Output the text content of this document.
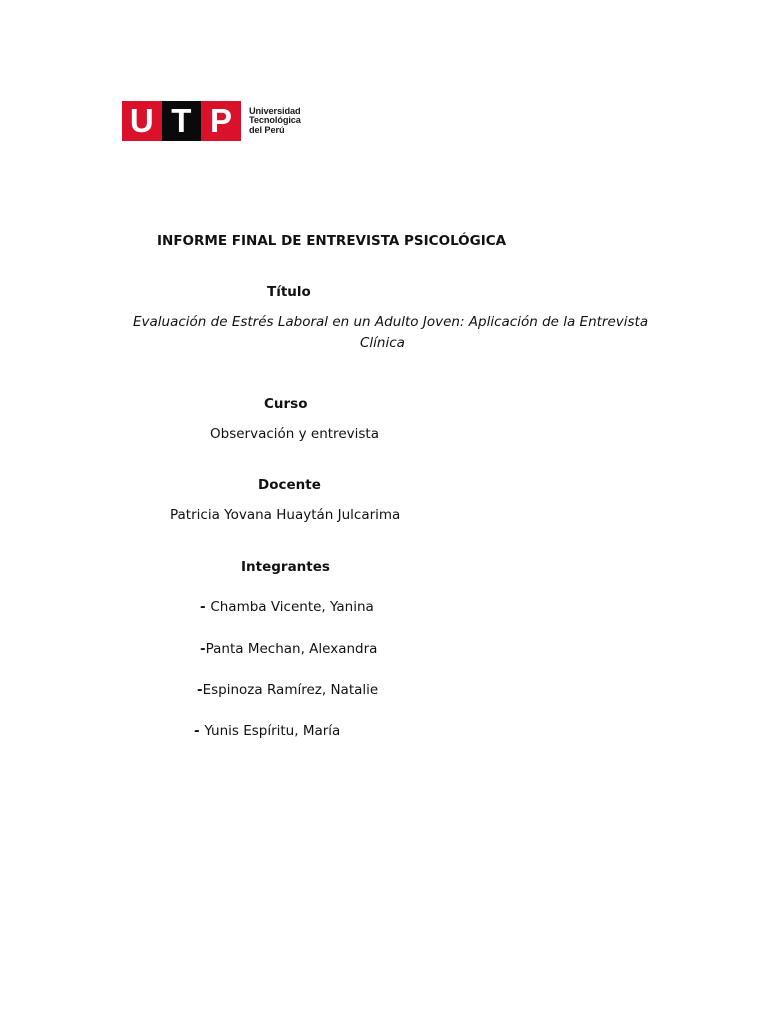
U T P	Universidad
Tecnológica
del Perú
INFORME FINAL DE ENTREVISTA PSICOLÓGICA
Título
Evaluación de Estrés Laboral en un Adulto Joven: Aplicación de la Entrevista
Clínica
Curso
Observación y entrevista
Docente
Patricia Yovana Huaytán Julcarima
Integrantes
- Chamba Vicente, Yanina
-Panta Mechan, Alexandra
-Espinoza Ramírez, Natalie
- Yunis Espíritu, María
